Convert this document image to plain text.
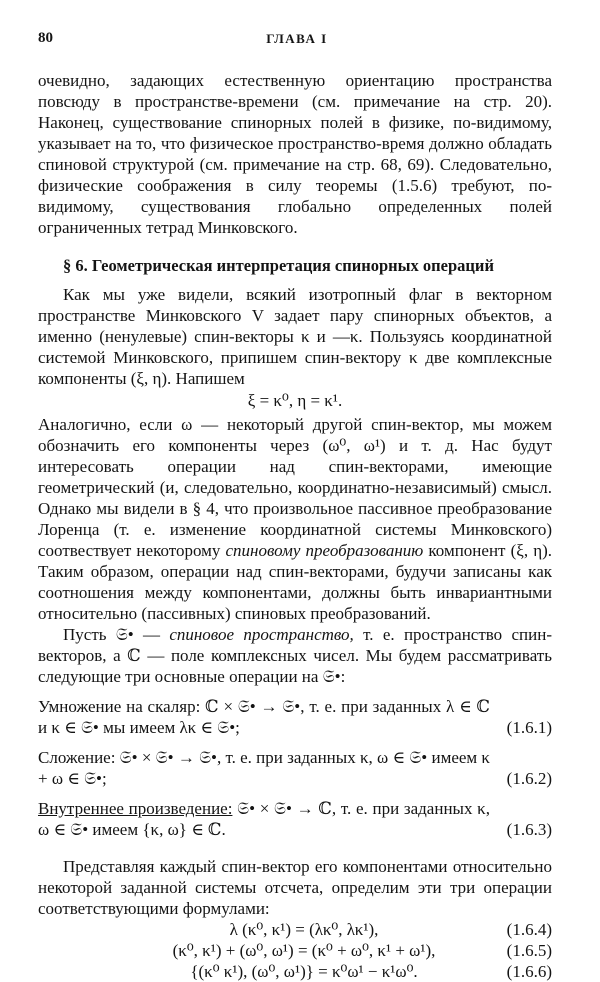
80	ГЛАВА I

очевидно, задающих естественную ориентацию пространства повсюду в пространстве-времени (см. примечание на стр. 20). Наконец, существование спинорных полей в физике, по-видимому, указывает на то, что физическое пространство-время должно обладать спиновой структурой (см. примечание на стр. 68, 69). Следовательно, физические соображения в силу теоремы (1.5.6) требуют, по-видимому, существования глобально определенных полей ограниченных тетрад Минковского.

§ 6. Геометрическая интерпретация спинорных операций

Как мы уже видели, всякий изотропный флаг в векторном пространстве Минковского V задает пару спинорных объектов, а именно (ненулевые) спин-векторы κ и —κ. Пользуясь координатной системой Минковского, припишем спин-вектору κ две комплексные компоненты (ξ, η). Напишем

ξ = κ⁰, η = κ¹.

Аналогично, если ω — некоторый другой спин-вектор, мы можем обозначить его компоненты через (ω⁰, ω¹) и т. д. Нас будут интересовать операции над спин-векторами, имеющие геометрический (и, следовательно, координатно-независимый) смысл. Однако мы видели в § 4, что произвольное пассивное преобразование Лоренца (т. е. изменение координатной системы Минковского) соотвествует некоторому спиновому преобразованию компонент (ξ, η). Таким образом, операции над спин-векторами, будучи записаны как соотношения между компонентами, должны быть инвариантными относительно (пассивных) спиновых преобразований.

Пусть 𝔖• — спиновое пространство, т. е. пространство спин-векторов, а ℂ — поле комплексных чисел. Мы будем рассматривать следующие три основные операции на 𝔖•:

Умножение на скаляр: ℂ × 𝔖• → 𝔖•, т. е. при заданных λ ∈ ℂ и κ ∈ 𝔖• мы имеем λκ ∈ 𝔖•;	(1.6.1)
Сложение: 𝔖• × 𝔖• → 𝔖•, т. е. при заданных κ, ω ∈ 𝔖• имеем κ + ω ∈ 𝔖•;	(1.6.2)
Внутреннее произведение: 𝔖• × 𝔖• → ℂ, т. е. при заданных κ, ω ∈ 𝔖• имеем {κ, ω} ∈ ℂ.	(1.6.3)

Представляя каждый спин-вектор его компонентами относительно некоторой заданной системы отсчета, определим эти три операции соответствующими формулами:

λ (κ⁰, κ¹) = (λκ⁰, λκ¹),	(1.6.4)
(κ⁰, κ¹) + (ω⁰, ω¹) = (κ⁰ + ω⁰, κ¹ + ω¹),	(1.6.5)
{(κ⁰ κ¹), (ω⁰, ω¹)} = κ⁰ω¹ − κ¹ω⁰.	(1.6.6)
